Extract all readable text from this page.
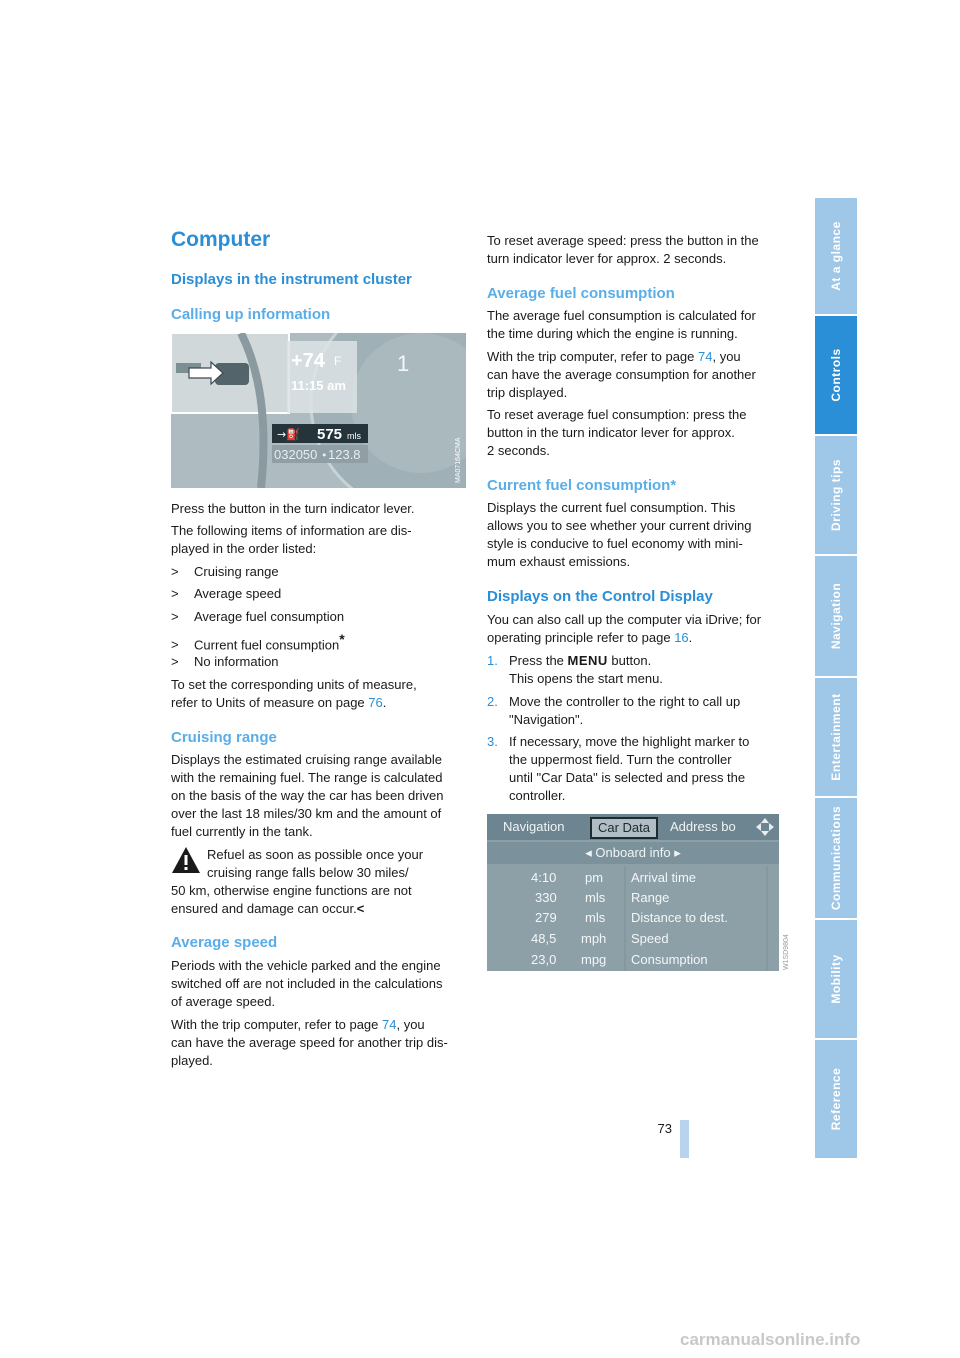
At a glance
Controls
Driving tips
Navigation
Entertainment
Communications
Mobility
Reference
73
carmanualsonline.info
Computer
Displays in the instrument cluster
Calling up information
1
+74 F
11:15 am
→⛽ 575 mls
032050 • 123.8	MA07164CMA

Press the button in the turn indicator lever.

The following items of information are dis-

played in the order listed:

> Cruising range
> Average speed
> Average fuel consumption
> Current fuel consumption*
> No information

To set the corresponding units of measure,

refer to Units of measure on page 76.

Cruising range

Displays the estimated cruising range available

with the remaining fuel. The range is calculated

on the basis of the way the car has been driven

over the last 18 miles/30 km and the amount of

fuel currently in the tank.

Refuel as soon as possible once your

cruising range falls below 30 miles/

50 km, otherwise engine functions are not

ensured and damage can occur.<

Average speed

Periods with the vehicle parked and the engine

switched off are not included in the calculations

of average speed.

With the trip computer, refer to page 74, you

can have the average speed for another trip dis-

played.

To reset average speed: press the button in the

turn indicator lever for approx. 2 seconds.

Average fuel consumption

The average fuel consumption is calculated for

the time during which the engine is running.

With the trip computer, refer to page 74, you

can have the average consumption for another

trip displayed.

To reset average fuel consumption: press the

button in the turn indicator lever for approx.

2 seconds.

Current fuel consumption*

Displays the current fuel consumption. This

allows you to see whether your current driving

style is conducive to fuel economy with mini-

mum exhaust emissions.

Displays on the Control Display

You can also call up the computer via iDrive; for

operating principle refer to page 16.

1. Press the MENU button.

This opens the start menu.

2. Move the controller to the right to call up

"Navigation".

3. If necessary, move the highlight marker to

the uppermost field. Turn the controller

until "Car Data" is selected and press the

controller.

Navigation	Car Data	Address bo
◂ Onboard info ▸
4:10 pm Arrival time
330 mls Range
279 mls Distance to dest.
48,5 mph Speed
23,0 mpg Consumption	W1SD9804
